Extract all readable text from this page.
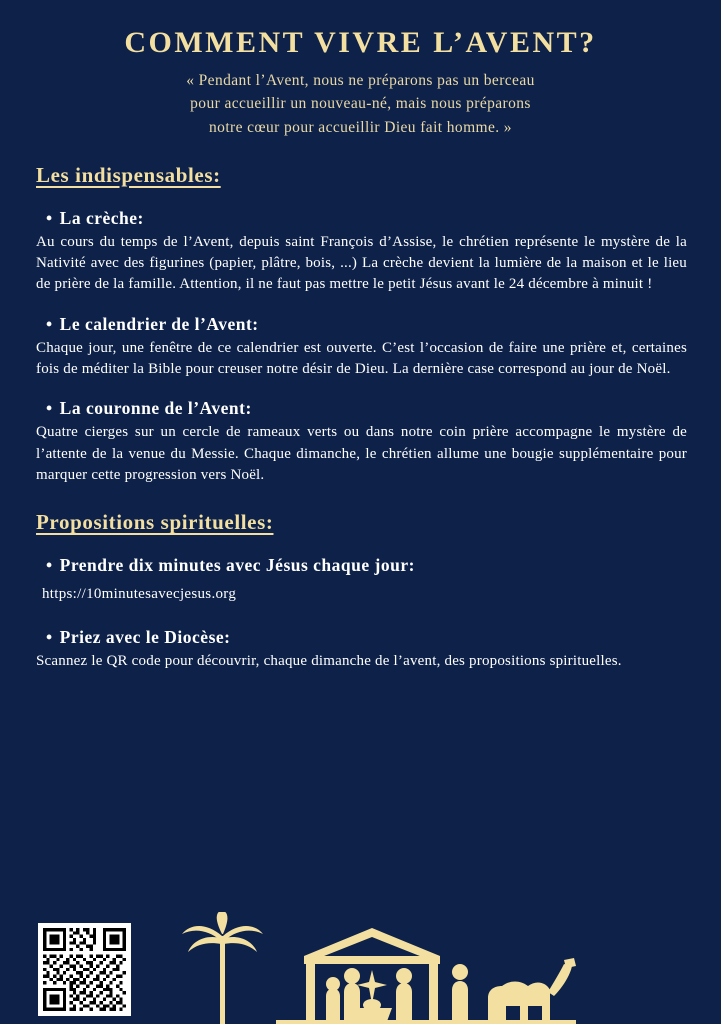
COMMENT VIVRE L’AVENT?
« Pendant l’Avent, nous ne préparons pas un berceau
pour accueillir un nouveau-né, mais nous préparons
notre cœur pour accueillir Dieu fait homme. »
Les indispensables:
• La crèche:
Au cours du temps de l’Avent, depuis saint François d’Assise, le chrétien représente le mystère de la Nativité avec des figurines (papier, plâtre, bois, ...) La crèche devient la lumière de la maison et le lieu de prière de la famille. Attention, il ne faut pas mettre le petit Jésus avant le 24 décembre à minuit !
• Le calendrier de l’Avent:
Chaque jour, une fenêtre de ce calendrier est ouverte. C’est l’occasion de faire une prière et, certaines fois de méditer la Bible pour creuser notre désir de Dieu. La dernière case correspond au jour de Noël.
• La couronne de l’Avent:
Quatre cierges sur un cercle de rameaux verts ou dans notre coin prière accompagne le mystère de l’attente de la venue du Messie. Chaque dimanche, le chrétien allume une bougie supplémentaire pour marquer cette progression vers Noël.
Propositions spirituelles:
• Prendre dix minutes avec Jésus chaque jour:
https://10minutesavecjesus.org
• Priez avec le Diocèse:
Scannez le QR code pour découvrir, chaque dimanche de l’avent, des propositions spirituelles.
